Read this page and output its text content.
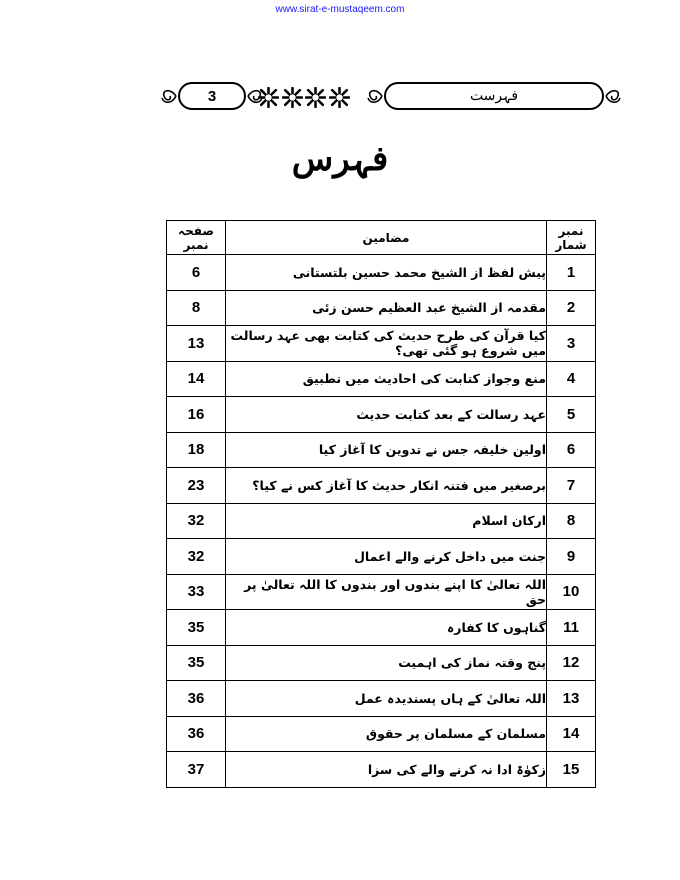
www.sirat-e-mustaqeem.com
3	فہرست
فہرس
نمبر شمار	مضامین	صفحہ نمبر
1	پیش لفظ از الشیخ محمد حسین بلتستانی	6
2	مقدمہ از الشیخ عبد العظیم حسن زئی	8
3	کیا قرآن کی طرح حدیث کی کتابت بھی عہد رسالت میں شروع ہو گئی تھی؟	13
4	منع وجواز کتابت کی احادیث میں تطبیق	14
5	عہد رسالت کے بعد کتابت حدیث	16
6	اولین خلیفہ جس نے تدوین کا آغاز کیا	18
7	برصغیر میں فتنہ انکار حدیث کا آغاز کس نے کیا؟	23
8	ارکان اسلام	32
9	جنت میں داخل کرنے والے اعمال	32
10	اللہ تعالیٰ کا اپنے بندوں اور بندوں کا اللہ تعالیٰ پر حق	33
11	گناہوں کا کفارہ	35
12	پنج وقتہ نماز کی اہمیت	35
13	اللہ تعالیٰ کے ہاں پسندیدہ عمل	36
14	مسلمان کے مسلمان پر حقوق	36
15	زکوٰۃ ادا نہ کرنے والے کی سزا	37
